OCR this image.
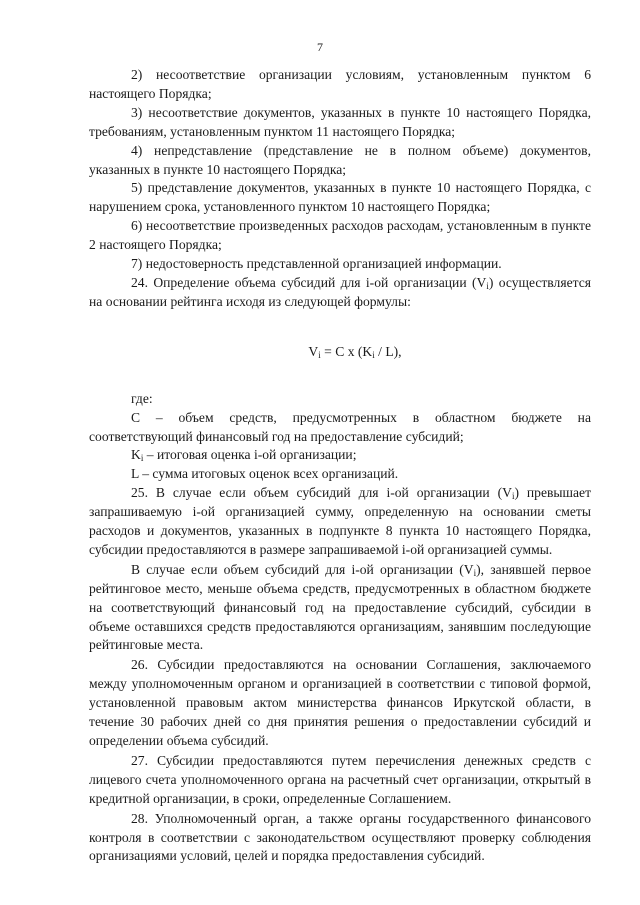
7

2) несоответствие организации условиям, установленным пунктом 6 настоящего Порядка;

3) несоответствие документов, указанных в пункте 10 настоящего Порядка, требованиям, установленным пунктом 11 настоящего Порядка;

4) непредставление (представление не в полном объеме) документов, указанных в пункте 10 настоящего Порядка;

5) представление документов, указанных в пункте 10 настоящего Порядка, с нарушением срока, установленного пунктом 10 настоящего Порядка;

6) несоответствие произведенных расходов расходам, установленным в пункте 2 настоящего Порядка;

7) недостоверность представленной организацией информации.

24. Определение объема субсидий для i-ой организации $(V_i)$ осуществляется на основании рейтинга исходя из следующей формулы:

$V_i = C$ x $(K_i / L)$,

где:

С – объем средств, предусмотренных в областном бюджете на соответствующий финансовый год на предоставление субсидий;

$K_i$ – итоговая оценка i-ой организации;

L – сумма итоговых оценок всех организаций.

25. В случае если объем субсидий для i-ой организации $(V_i)$ превышает запрашиваемую i-ой организацией сумму, определенную на основании сметы расходов и документов, указанных в подпункте 8 пункта 10 настоящего Порядка, субсидии предоставляются в размере запрашиваемой i-ой организацией суммы.

В случае если объем субсидий для i-ой организации $(V_i)$, занявшей первое рейтинговое место, меньше объема средств, предусмотренных в областном бюджете на соответствующий финансовый год на предоставление субсидий, субсидии в объеме оставшихся средств предоставляются организациям, занявшим последующие рейтинговые места.

26. Субсидии предоставляются на основании Соглашения, заключаемого между уполномоченным органом и организацией в соответствии с типовой формой, установленной правовым актом министерства финансов Иркутской области, в течение 30 рабочих дней со дня принятия решения о предоставлении субсидий и определении объема субсидий.

27. Субсидии предоставляются путем перечисления денежных средств с лицевого счета уполномоченного органа на расчетный счет организации, открытый в кредитной организации, в сроки, определенные Соглашением.

28. Уполномоченный орган, а также органы государственного финансового контроля в соответствии с законодательством осуществляют проверку соблюдения организациями условий, целей и порядка предоставления субсидий.
